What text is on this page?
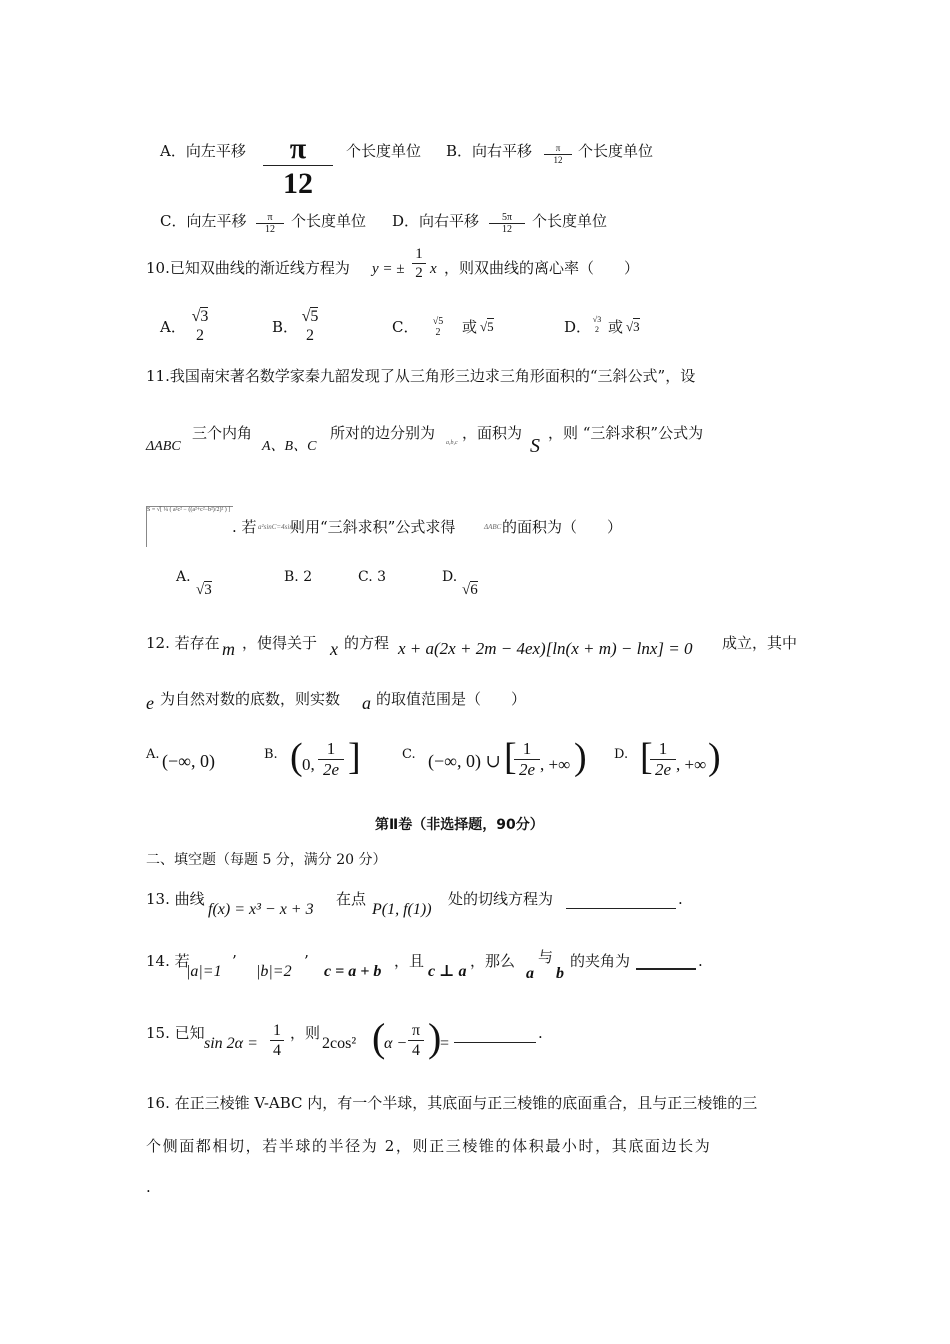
A．向左平移 $\frac{\pi}{12}$ 个长度单位 B．向右平移 $\frac{\pi}{12}$ 个长度单位
C．向左平移 $\frac{\pi}{12}$ 个长度单位 D．向右平移 $\frac{5\pi}{12}$ 个长度单位
10.已知双曲线的渐近线方程为 y = ± $\frac{1}{2}$ x ，则双曲线的离心率（　　）
A．
√3
2	B．
√5
2	C．	√5
2	或 √5	D． √3
2 或 √3
11.我国南宋著名数学家秦九韶发现了从三角形三边求三角形面积的“三斜公式”，设
ΔABC
三个内角
A、B、C
所对的边分别为
a,b,c
，面积为
S
，则 “三斜求积”公式为
S = √[ ¼ ( a²c² − ((a²+c²−b²)/2)² ) ]
. 若 a²sinC=4sinA,
则用“三斜求积”公式求得	ΔABC 的面积为（　　）
A.
√3
B. 2	C. 3	D.
√6
12. 若存在 m ，使得关于 x 的方程 x + a(2x + 2m − 4ex)[ln(x + m) − lnx] = 0 成立，其中
e 为自然对数的底数，则实数 a 的取值范围是（　　）
A. (−∞, 0)	B. ( 0, $\frac{1}{2e}$ ]	C. (−∞, 0) ∪ [
$\frac{1}{2e}$ , +∞ ) D. [
$\frac{1}{2e}$ , +∞ )
第Ⅱ卷（非选择题，90分）
二、填空题（每题 5 分，满分 20 分）
13. 曲线
f(x) = x³ − x + 3
在点
P(1, f(1))
处的切线方程为	.
14. 若
|a|=1
’
|b|=2
’
c = a + b
，且
c ⊥ a
，那么
a
与
b
的夹角为	.
15. 已知
$\sin 2\alpha = \frac{1}{4}$ ，则
2cos² (
$\alpha - \frac{\pi}{4}$ )
=
.
16. 在正三棱锥 V-ABC 内，有一个半球，其底面与正三棱锥的底面重合，且与正三棱锥的三
个侧面都相切，若半球的半径为 2，则正三棱锥的体积最小时，其底面边长为
.
